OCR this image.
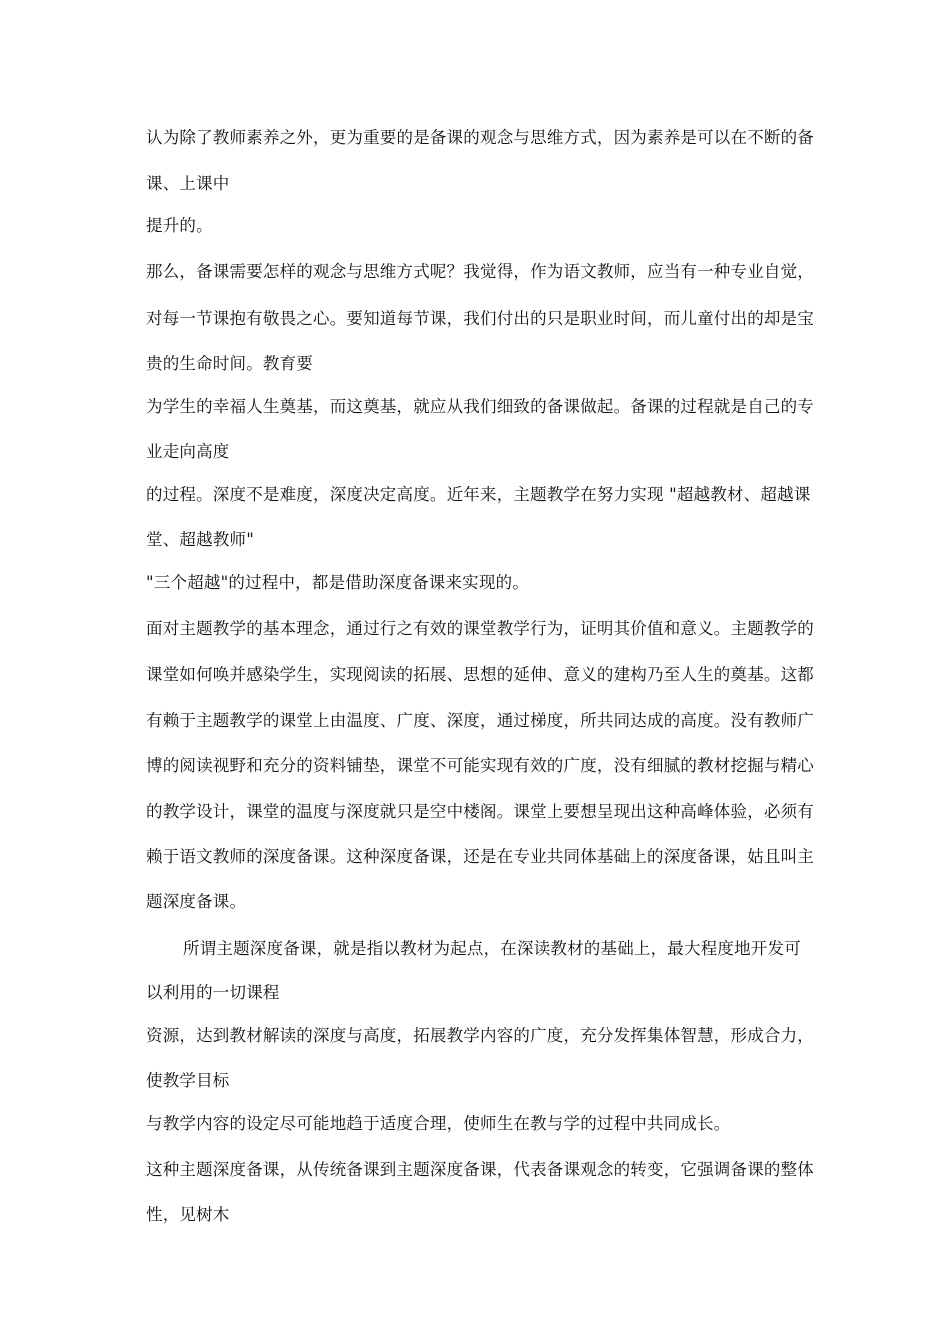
认为除了教师素养之外，更为重要的是备课的观念与思维方式，因为素养是可以在不断的备
课、上课中
提升的。
那么，备课需要怎样的观念与思维方式呢？我觉得，作为语文教师，应当有一种专业自觉，
对每一节课抱有敬畏之心。要知道每节课，我们付出的只是职业时间，而儿童付出的却是宝
贵的生命时间。教育要
为学生的幸福人生奠基，而这奠基，就应从我们细致的备课做起。备课的过程就是自己的专
业走向高度
的过程。深度不是难度，深度决定高度。近年来，主题教学在努力实现 "超越教材、超越课
堂、超越教师"
"三个超越"的过程中，都是借助深度备课来实现的。
面对主题教学的基本理念，通过行之有效的课堂教学行为，证明其价值和意义。主题教学的
课堂如何唤并感染学生，实现阅读的拓展、思想的延伸、意义的建构乃至人生的奠基。这都
有赖于主题教学的课堂上由温度、广度、深度，通过梯度，所共同达成的高度。没有教师广
博的阅读视野和充分的资料铺垫，课堂不可能实现有效的广度，没有细腻的教材挖掘与精心
的教学设计，课堂的温度与深度就只是空中楼阁。课堂上要想呈现出这种高峰体验，必须有
赖于语文教师的深度备课。这种深度备课，还是在专业共同体基础上的深度备课，姑且叫主
题深度备课。
所谓主题深度备课，就是指以教材为起点，在深读教材的基础上，最大程度地开发可
以利用的一切课程
资源，达到教材解读的深度与高度，拓展教学内容的广度，充分发挥集体智慧，形成合力，
使教学目标
与教学内容的设定尽可能地趋于适度合理，使师生在教与学的过程中共同成长。
这种主题深度备课，从传统备课到主题深度备课，代表备课观念的转变，它强调备课的整体
性，见树木
